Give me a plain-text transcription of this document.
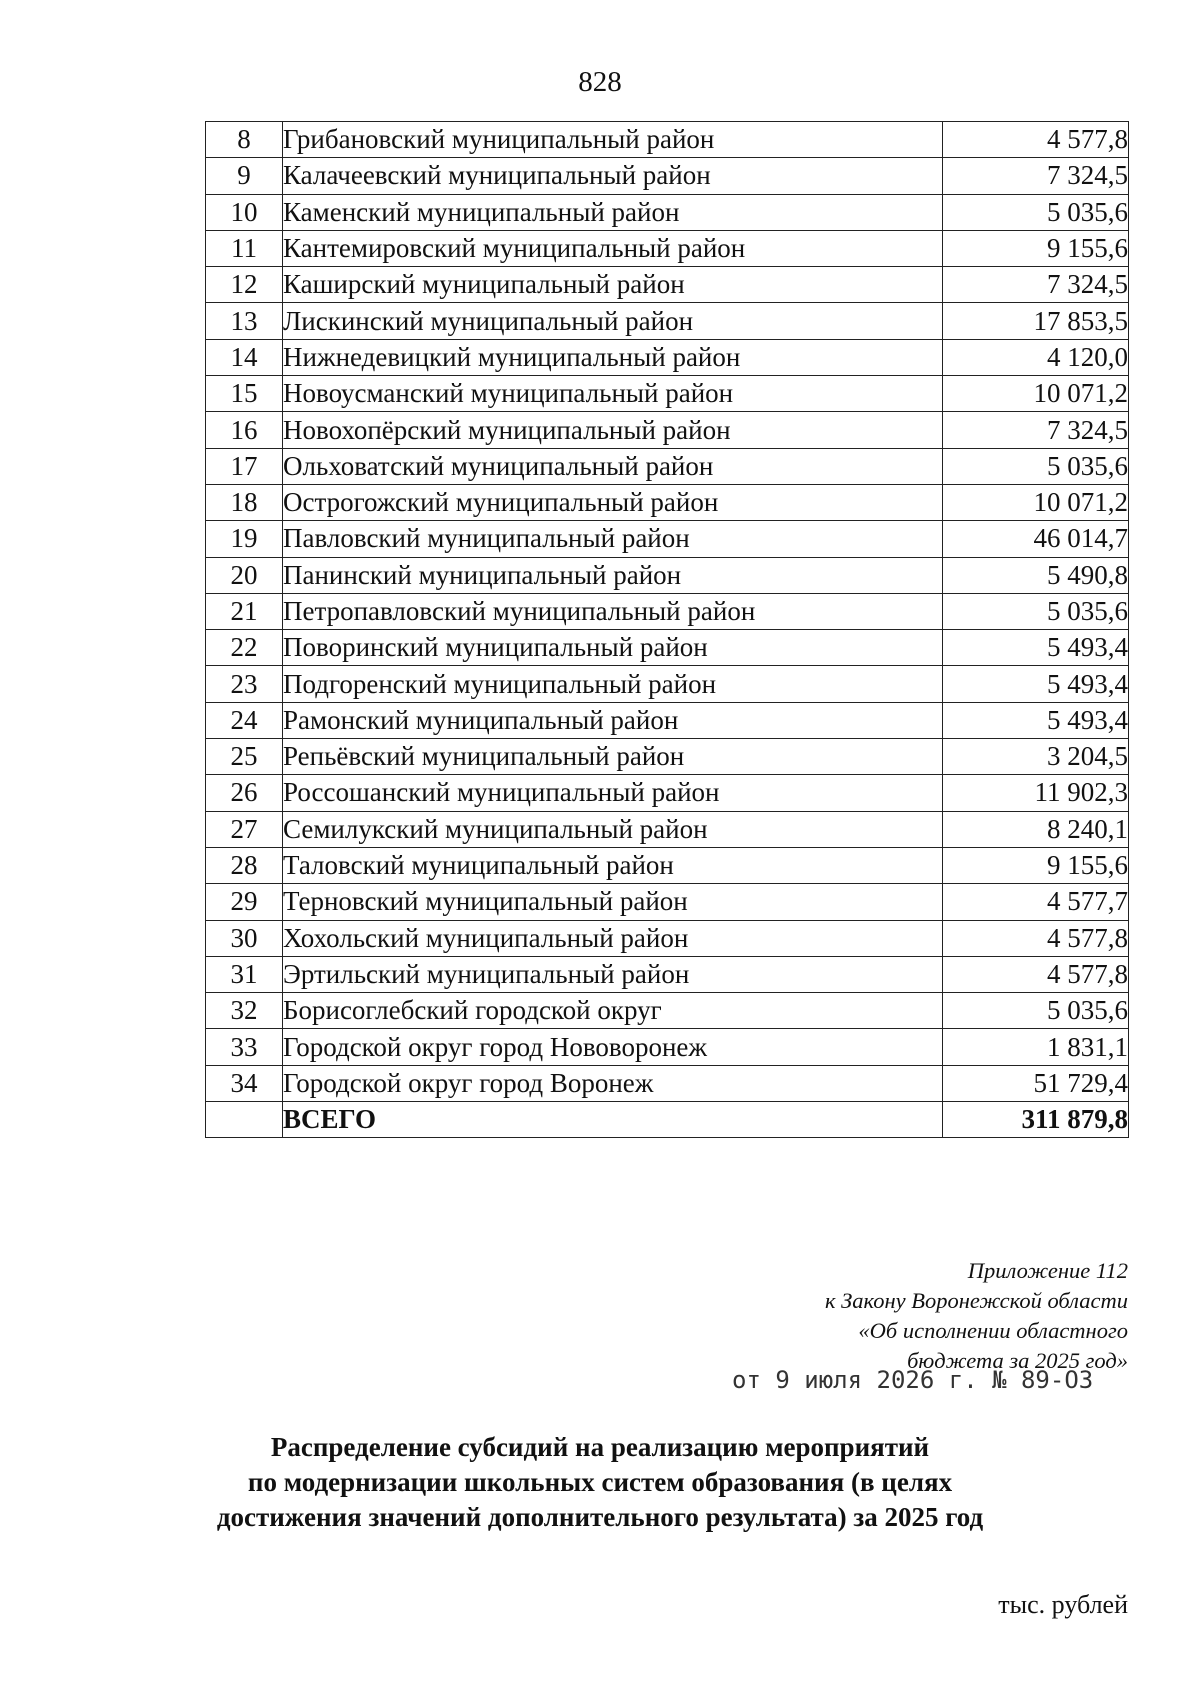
828
8	Грибановский муниципальный район	4 577,8
9	Калачеевский муниципальный район	7 324,5
10	Каменский муниципальный район	5 035,6
11	Кантемировский муниципальный район	9 155,6
12	Каширский муниципальный район	7 324,5
13	Лискинский муниципальный район	17 853,5
14	Нижнедевицкий муниципальный район	4 120,0
15	Новоусманский муниципальный район	10 071,2
16	Новохопёрский муниципальный район	7 324,5
17	Ольховатский муниципальный район	5 035,6
18	Острогожский муниципальный район	10 071,2
19	Павловский муниципальный район	46 014,7
20	Панинский муниципальный район	5 490,8
21	Петропавловский муниципальный район	5 035,6
22	Поворинский муниципальный район	5 493,4
23	Подгоренский муниципальный район	5 493,4
24	Рамонский муниципальный район	5 493,4
25	Репьёвский муниципальный район	3 204,5
26	Россошанский муниципальный район	11 902,3
27	Семилукский муниципальный район	8 240,1
28	Таловский муниципальный район	9 155,6
29	Терновский муниципальный район	4 577,7
30	Хохольский муниципальный район	4 577,8
31	Эртильский муниципальный район	4 577,8
32	Борисоглебский городской округ	5 035,6
33	Городской округ город Нововоронеж	1 831,1
34	Городской округ город Воронеж	51 729,4
	ВСЕГО	311 879,8
Приложение 112
к Закону Воронежской области
«Об исполнении областного
бюджета за 2025 год»
от 9 июля 2026 г. № 89-ОЗ
Распределение субсидий на реализацию мероприятий
по модернизации школьных систем образования (в целях
достижения значений дополнительного результата) за 2025 год
тыс. рублей
